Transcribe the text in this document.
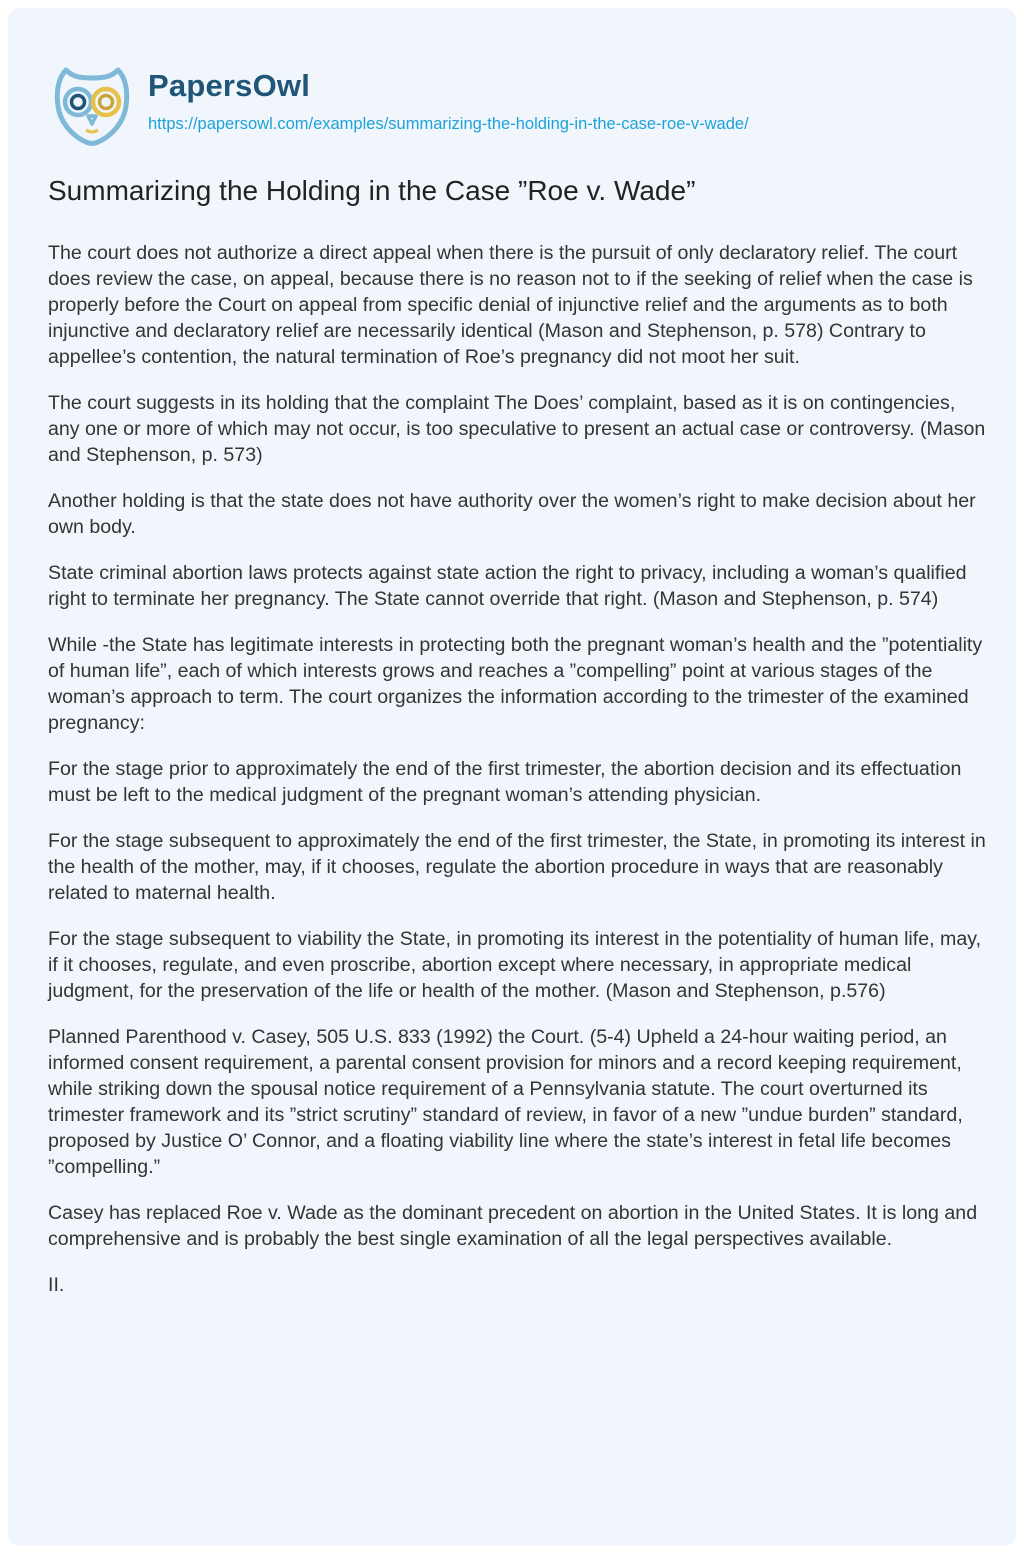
PapersOwl
https://papersowl.com/examples/summarizing-the-holding-in-the-case-roe-v-wade/
Summarizing the Holding in the Case ”Roe v. Wade”

The court does not authorize a direct appeal when there is the pursuit of only declaratory relief. The court does review the case, on appeal, because there is no reason not to if the seeking of relief when the case is properly before the Court on appeal from specific denial of injunctive relief and the arguments as to both injunctive and declaratory relief are necessarily identical (Mason and Stephenson, p. 578) Contrary to appellee’s contention, the natural termination of Roe’s pregnancy did not moot her suit.

The court suggests in its holding that the complaint The Does’ complaint, based as it is on contingencies, any one or more of which may not occur, is too speculative to present an actual case or controversy. (Mason and Stephenson, p. 573)

Another holding is that the state does not have authority over the women’s right to make decision about her own body.

State criminal abortion laws protects against state action the right to privacy, including a woman’s qualified right to terminate her pregnancy. The State cannot override that right. (Mason and Stephenson, p. 574)

While -the State has legitimate interests in protecting both the pregnant woman’s health and the ”potentiality of human life”, each of which interests grows and reaches a ”compelling” point at various stages of the woman’s approach to term. The court organizes the information according to the trimester of the examined pregnancy:

For the stage prior to approximately the end of the first trimester, the abortion decision and its effectuation must be left to the medical judgment of the pregnant woman’s attending physician.

For the stage subsequent to approximately the end of the first trimester, the State, in promoting its interest in the health of the mother, may, if it chooses, regulate the abortion procedure in ways that are reasonably related to maternal health.

For the stage subsequent to viability the State, in promoting its interest in the potentiality of human life, may, if it chooses, regulate, and even proscribe, abortion except where necessary, in appropriate medical judgment, for the preservation of the life or health of the mother. (Mason and Stephenson, p.576)

Planned Parenthood v. Casey, 505 U.S. 833 (1992) the Court. (5-4) Upheld a 24-hour waiting period, an informed consent requirement, a parental consent provision for minors and a record keeping requirement, while striking down the spousal notice requirement of a Pennsylvania statute. The court overturned its trimester framework and its ”strict scrutiny” standard of review, in favor of a new ”undue burden” standard, proposed by Justice O’ Connor, and a floating viability line where the state’s interest in fetal life becomes ”compelling.”

Casey has replaced Roe v. Wade as the dominant precedent on abortion in the United States. It is long and comprehensive and is probably the best single examination of all the legal perspectives available.

II.
